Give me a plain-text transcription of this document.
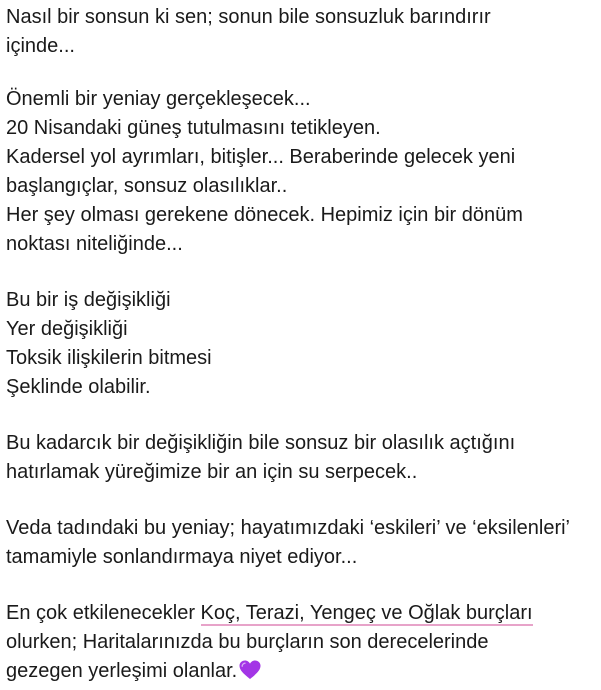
Nasıl bir sonsun ki sen; sonun bile sonsuzluk barındırır
içinde...
Önemli bir yeniay gerçekleşecek...
20 Nisandaki güneş tutulmasını tetikleyen.
Kadersel yol ayrımları, bitişler... Beraberinde gelecek yeni
başlangıçlar, sonsuz olasılıklar..
Her şey olması gerekene dönecek. Hepimiz için bir dönüm
noktası niteliğinde...
Bu bir iş değişikliği
Yer değişikliği
Toksik ilişkilerin bitmesi
Şeklinde olabilir.
Bu kadarcık bir değişikliğin bile sonsuz bir olasılık açtığını
hatırlamak yüreğimize bir an için su serpecek..
Veda tadındaki bu yeniay; hayatımızdaki ‘eskileri’ ve ‘eksilenleri’
tamamiyle sonlandırmaya niyet ediyor...
En çok etkilenecekler Koç, Terazi, Yengeç ve Oğlak burçları
olurken; Haritalarınızda bu burçların son derecelerinde
gezegen yerleşimi olanlar.
